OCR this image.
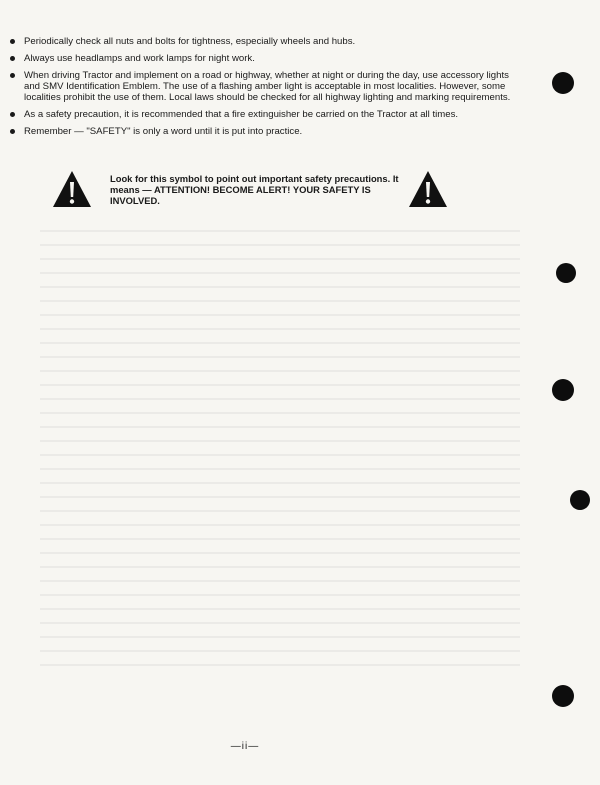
Periodically check all nuts and bolts for tightness, especially wheels and hubs.
Always use headlamps and work lamps for night work.
When driving Tractor and implement on a road or highway, whether at night or during the day, use accessory lights and SMV Identification Emblem. The use of a flashing amber light is acceptable in most localities. However, some localities prohibit the use of them. Local laws should be checked for all highway lighting and marking requirements.
As a safety precaution, it is recommended that a fire extinguisher be carried on the Tractor at all times.
Remember — "SAFETY" is only a word until it is put into practice.
Look for this symbol to point out important safety precautions. It means — ATTENTION! BECOME ALERT! YOUR SAFETY IS INVOLVED.
—ii—
